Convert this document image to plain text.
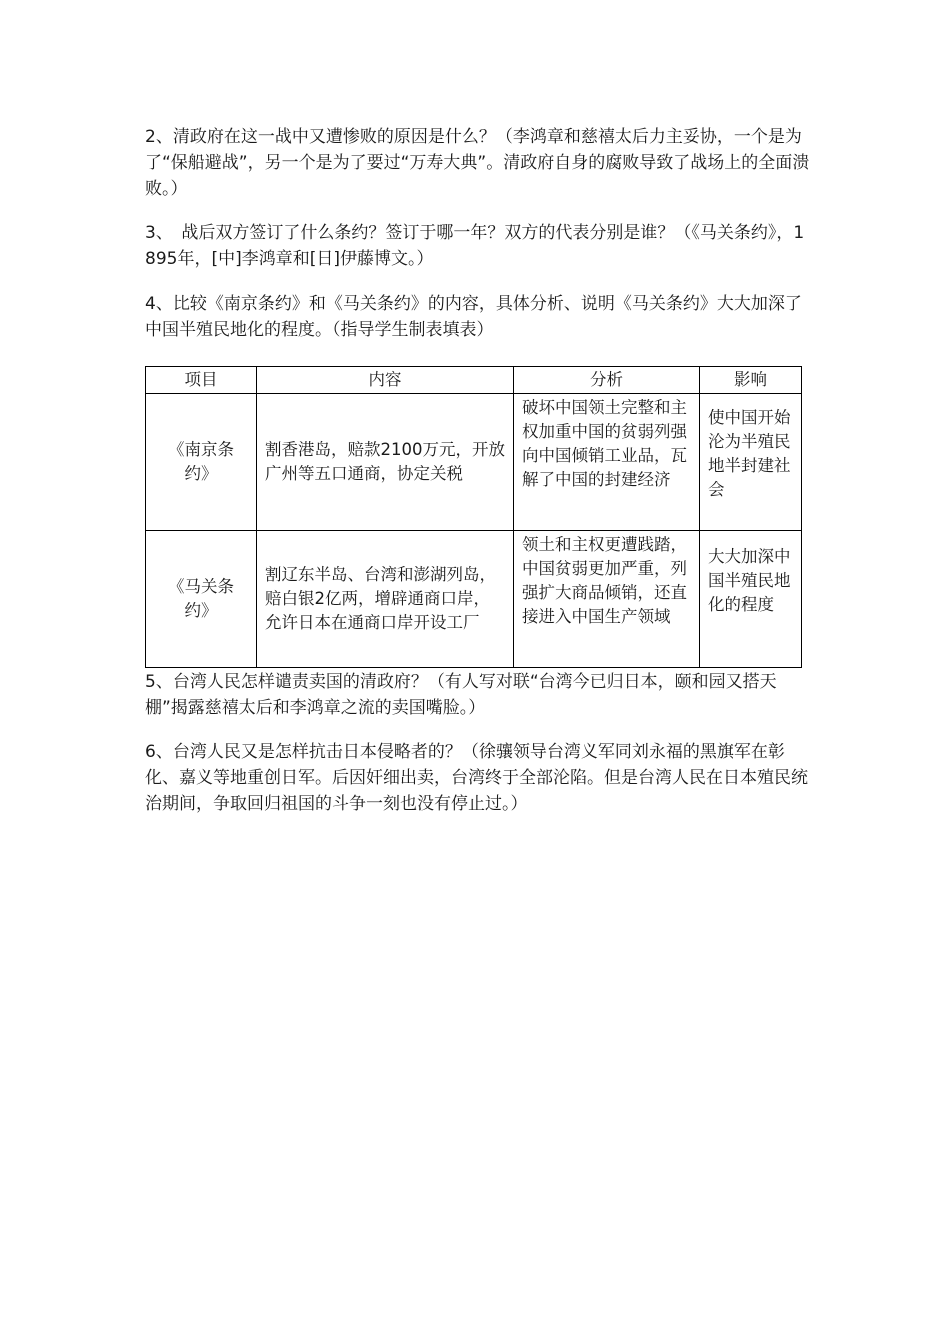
2、清政府在这一战中又遭惨败的原因是什么？（李鸿章和慈禧太后力主妥协，一个是为了“保船避战”，另一个是为了要过“万寿大典”。清政府自身的腐败导致了战场上的全面溃败。）

3、　战后双方签订了什么条约？签订于哪一年？双方的代表分别是谁？（《马关条约》，1895年，[中]李鸿章和[日]伊藤博文。）

4、比较《南京条约》和《马关条约》的内容，具体分析、说明《马关条约》大大加深了中国半殖民地化的程度。（指导学生制表填表）

项目	内容	分析	影响
《南京条约》	割香港岛，赔款2100万元，开放广州等五口通商，协定关税	破坏中国领土完整和主权加重中国的贫弱列强向中国倾销工业品，瓦解了中国的封建经济	使中国开始沦为半殖民地半封建社会
《马关条约》	割辽东半岛、台湾和澎湖列岛，赔白银2亿两，增辟通商口岸，允许日本在通商口岸开设工厂	领土和主权更遭践踏，中国贫弱更加严重，列强扩大商品倾销，还直接进入中国生产领域	大大加深中国半殖民地化的程度

5、台湾人民怎样谴责卖国的清政府？（有人写对联“台湾今已归日本，颐和园又搭天棚”揭露慈禧太后和李鸿章之流的卖国嘴脸。）

6、台湾人民又是怎样抗击日本侵略者的？（徐骧领导台湾义军同刘永福的黑旗军在彰化、嘉义等地重创日军。后因奸细出卖，台湾终于全部沦陷。但是台湾人民在日本殖民统治期间，争取回归祖国的斗争一刻也没有停止过。）
